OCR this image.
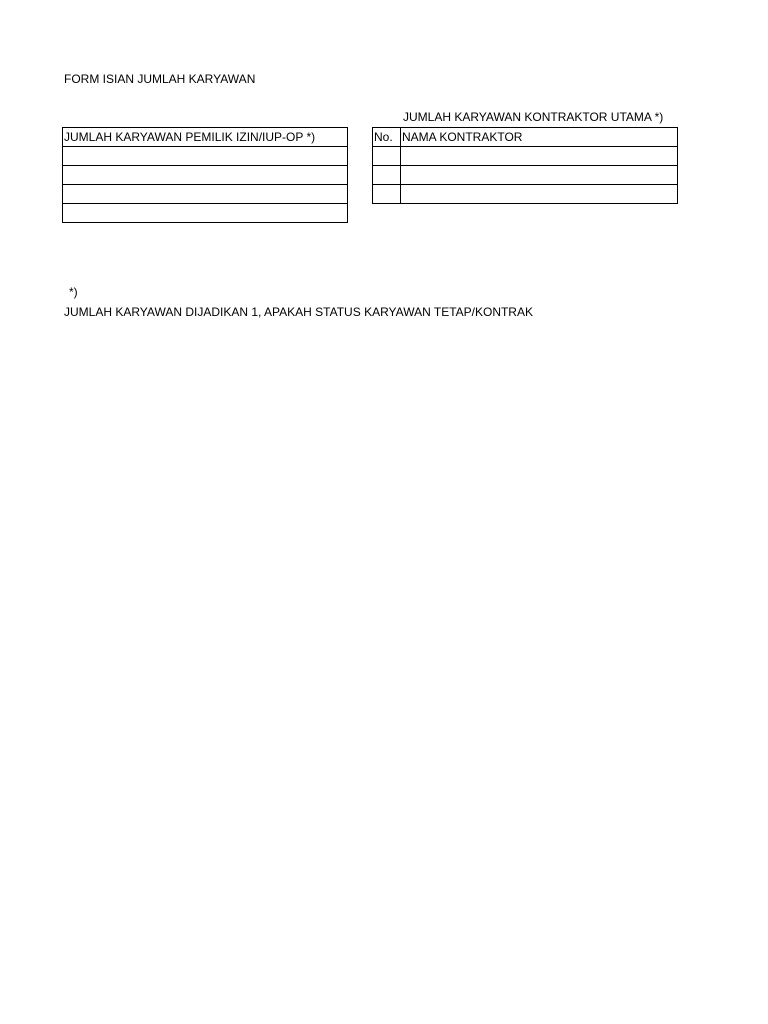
FORM ISIAN JUMLAH KARYAWAN
JUMLAH KARYAWAN KONTRAKTOR UTAMA *)
JUMLAH KARYAWAN PEMILIK IZIN/IUP-OP *)	No.	NAMA KONTRAKTOR

*)
JUMLAH KARYAWAN DIJADIKAN 1, APAKAH STATUS KARYAWAN TETAP/KONTRAK
